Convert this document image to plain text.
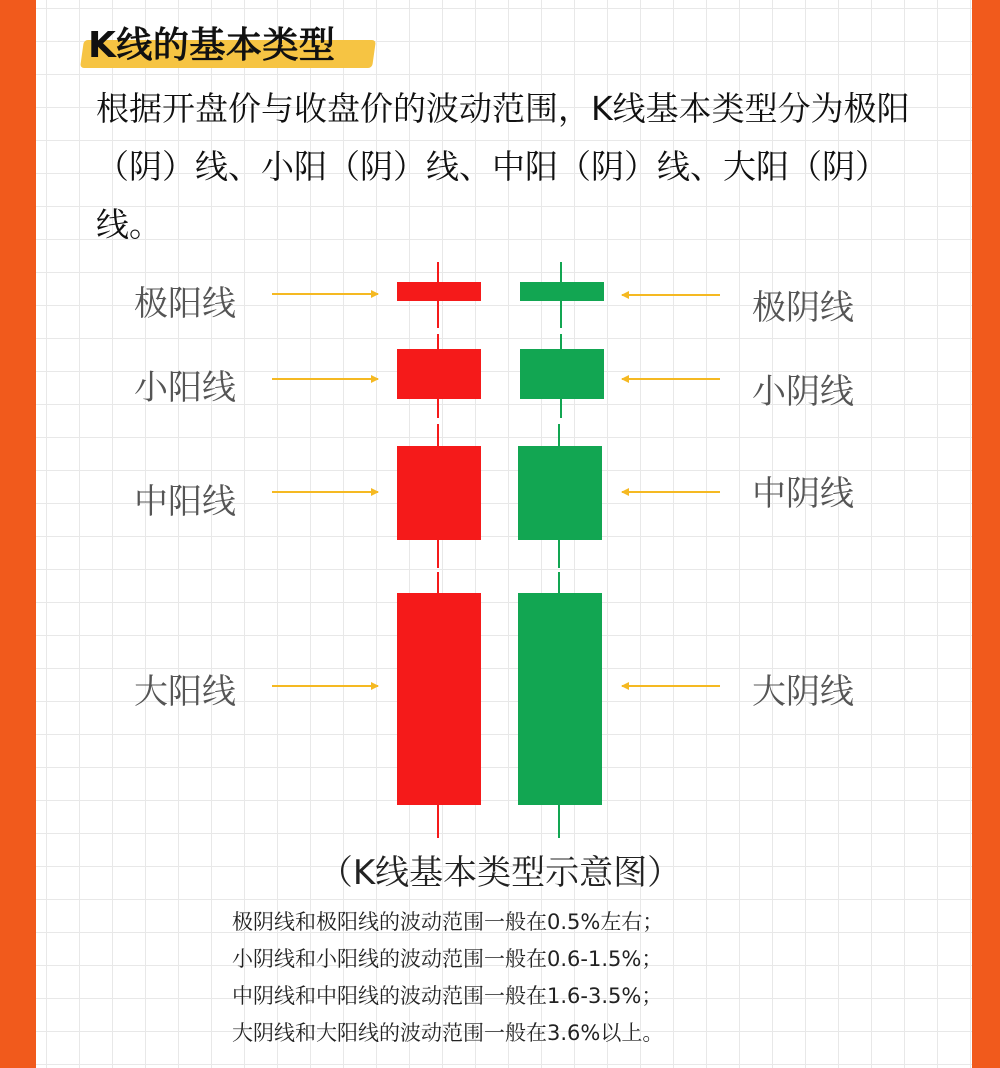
K线的基本类型
根据开盘价与收盘价的波动范围，K线基本类型分为极阳（阴）线、小阳（阴）线、中阳（阴）线、大阳（阴）线。
极阳线	极阴线
小阳线	小阴线
中阳线	中阴线
大阳线	大阴线
（K线基本类型示意图）
极阴线和极阳线的波动范围一般在0.5%左右；
小阴线和小阳线的波动范围一般在0.6-1.5%；
中阴线和中阳线的波动范围一般在1.6-3.5%；
大阴线和大阳线的波动范围一般在3.6%以上。
